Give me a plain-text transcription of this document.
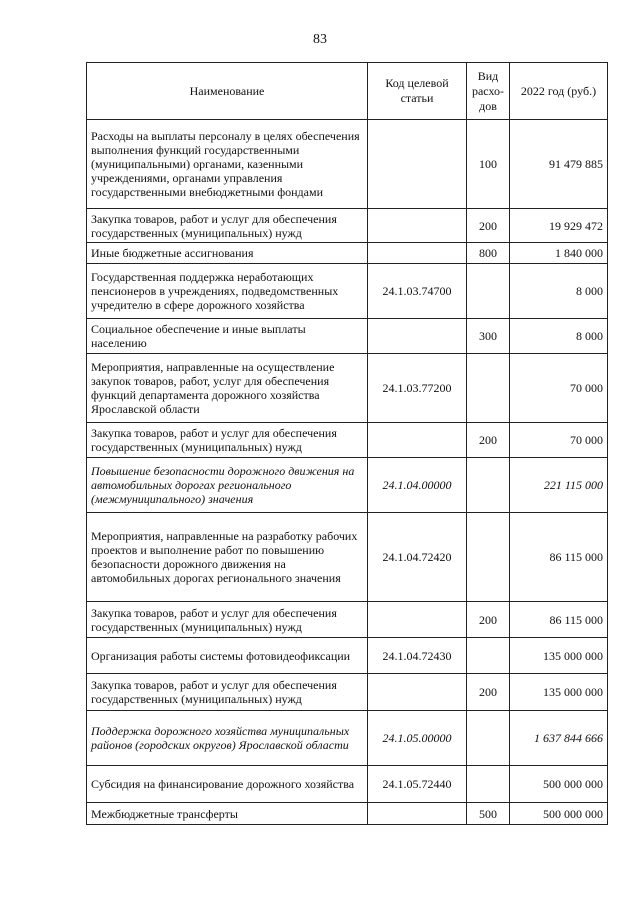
83
Наименование	Код целевой статьи	Вид расхо-дов	2022 год (руб.)
Расходы на выплаты персоналу в целях обеспечения выполнения функций государственными (муниципальными) органами, казенными учреждениями, органами управления государственными внебюджетными фондами		100	91 479 885
Закупка товаров, работ и услуг для обеспечения государственных (муниципальных) нужд		200	19 929 472
Иные бюджетные ассигнования		800	1 840 000
Государственная поддержка неработающих пенсионеров в учреждениях, подведомственных учредителю в сфере дорожного хозяйства	24.1.03.74700		8 000
Социальное обеспечение и иные выплаты населению		300	8 000
Мероприятия, направленные на осуществление закупок товаров, работ, услуг для обеспечения функций департамента дорожного хозяйства Ярославской области	24.1.03.77200		70 000
Закупка товаров, работ и услуг для обеспечения государственных (муниципальных) нужд		200	70 000
Повышение безопасности дорожного движения на автомобильных дорогах регионального (межмуниципального) значения	24.1.04.00000		221 115 000
Мероприятия, направленные на разработку рабочих проектов и выполнение работ по повышению безопасности дорожного движения на автомобильных дорогах регионального значения	24.1.04.72420		86 115 000
Закупка товаров, работ и услуг для обеспечения государственных (муниципальных) нужд		200	86 115 000
Организация работы системы фотовидеофиксации	24.1.04.72430		135 000 000
Закупка товаров, работ и услуг для обеспечения государственных (муниципальных) нужд		200	135 000 000
Поддержка дорожного хозяйства муниципальных районов (городских округов) Ярославской области	24.1.05.00000		1 637 844 666
Субсидия на финансирование дорожного хозяйства	24.1.05.72440		500 000 000
Межбюджетные трансферты		500	500 000 000
